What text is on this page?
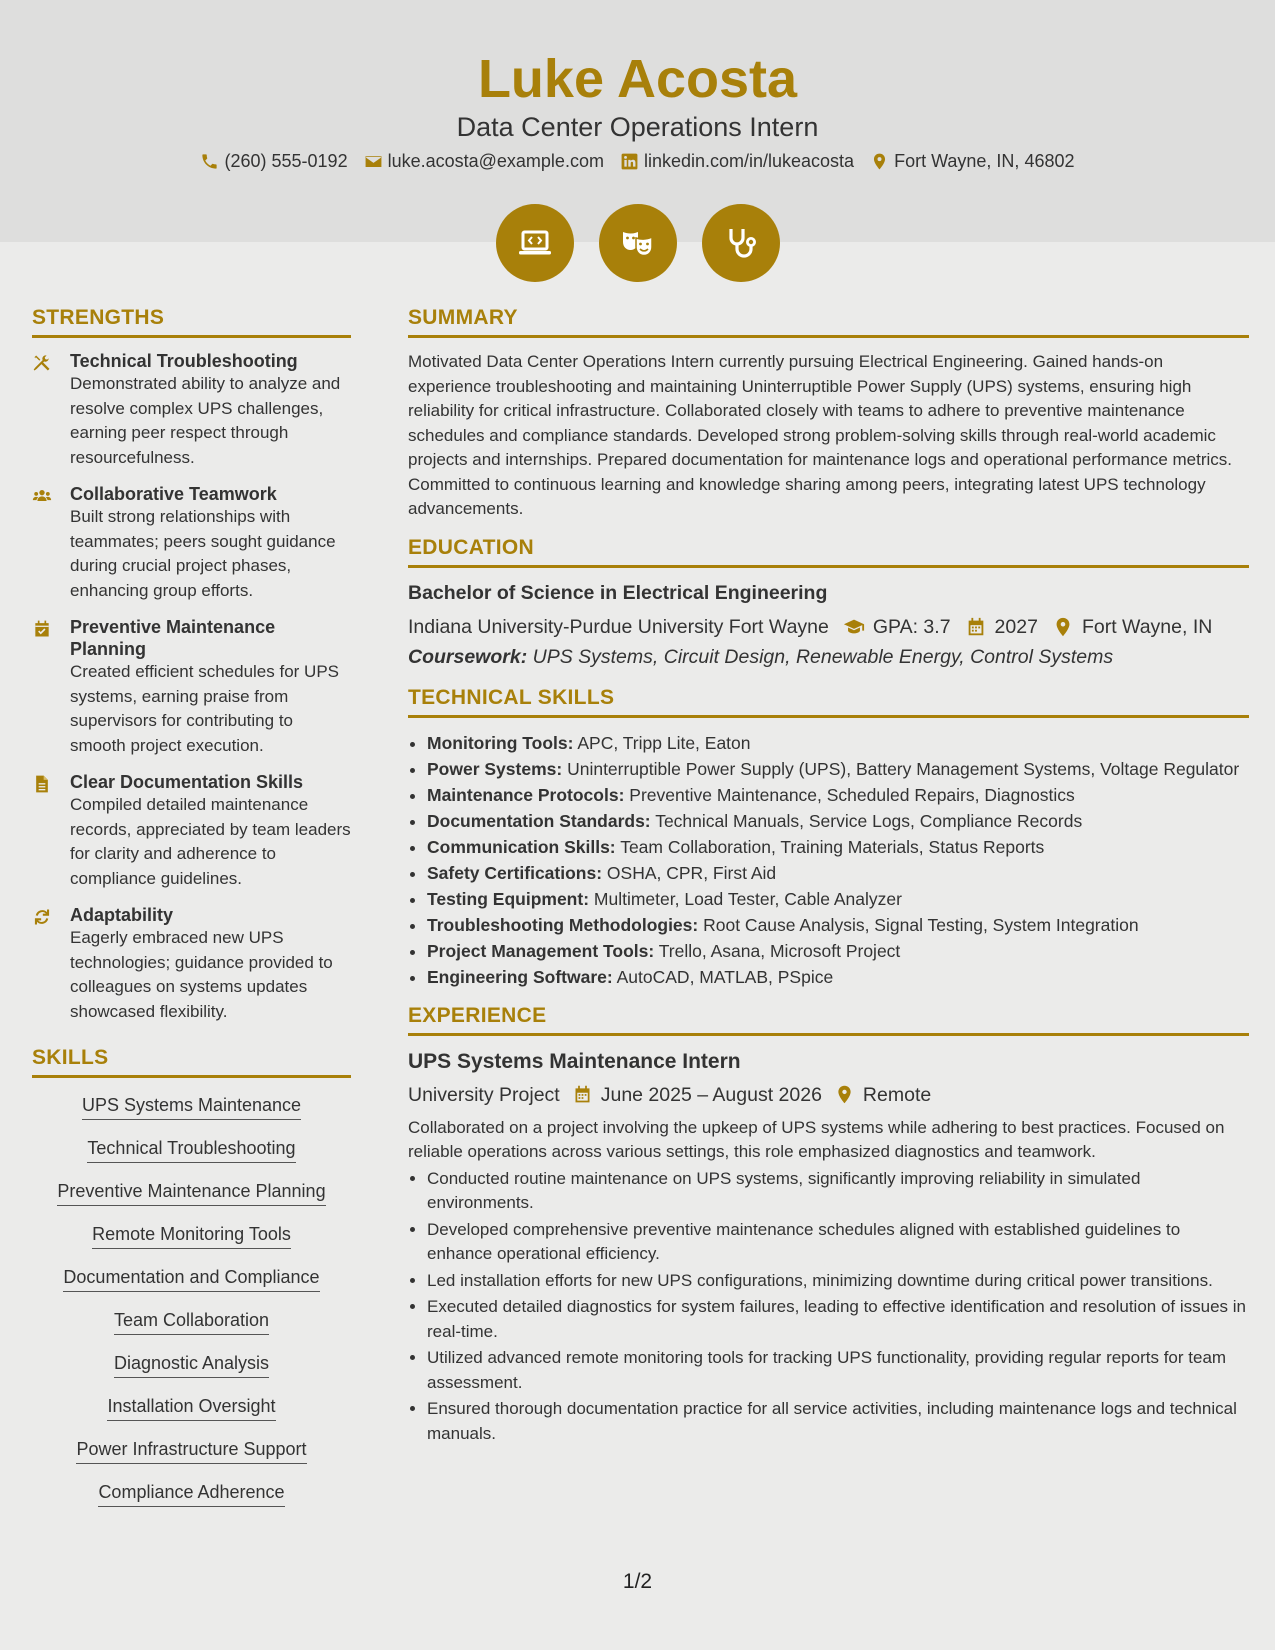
Luke Acosta
Data Center Operations Intern
(260) 555-0192 luke.acosta@example.com linkedin.com/in/lukeacosta Fort Wayne, IN, 46802
STRENGTHS
Technical Troubleshooting
Demonstrated ability to analyze and resolve complex UPS challenges, earning peer respect through resourcefulness.
Collaborative Teamwork
Built strong relationships with teammates; peers sought guidance during crucial project phases, enhancing group efforts.
Preventive Maintenance Planning
Created efficient schedules for UPS systems, earning praise from supervisors for contributing to smooth project execution.
Clear Documentation Skills
Compiled detailed maintenance records, appreciated by team leaders for clarity and adherence to compliance guidelines.
Adaptability
Eagerly embraced new UPS technologies; guidance provided to colleagues on systems updates showcased flexibility.
SKILLS
UPS Systems Maintenance
Technical Troubleshooting
Preventive Maintenance Planning
Remote Monitoring Tools
Documentation and Compliance
Team Collaboration
Diagnostic Analysis
Installation Oversight
Power Infrastructure Support
Compliance Adherence
SUMMARY

Motivated Data Center Operations Intern currently pursuing Electrical Engineering. Gained hands-on experience troubleshooting and maintaining Uninterruptible Power Supply (UPS) systems, ensuring high reliability for critical infrastructure. Collaborated closely with teams to adhere to preventive maintenance schedules and compliance standards. Developed strong problem-solving skills through real-world academic projects and internships. Prepared documentation for maintenance logs and operational performance metrics. Committed to continuous learning and knowledge sharing among peers, integrating latest UPS technology advancements.

EDUCATION
Bachelor of Science in Electrical Engineering
Indiana University-Purdue University Fort Wayne GPA: 3.7 2027 Fort Wayne, IN
Coursework: UPS Systems, Circuit Design, Renewable Energy, Control Systems
TECHNICAL SKILLS
• Monitoring Tools: APC, Tripp Lite, Eaton
• Power Systems: Uninterruptible Power Supply (UPS), Battery Management Systems, Voltage Regulator
• Maintenance Protocols: Preventive Maintenance, Scheduled Repairs, Diagnostics
• Documentation Standards: Technical Manuals, Service Logs, Compliance Records
• Communication Skills: Team Collaboration, Training Materials, Status Reports
• Safety Certifications: OSHA, CPR, First Aid
• Testing Equipment: Multimeter, Load Tester, Cable Analyzer
• Troubleshooting Methodologies: Root Cause Analysis, Signal Testing, System Integration
• Project Management Tools: Trello, Asana, Microsoft Project
• Engineering Software: AutoCAD, MATLAB, PSpice
EXPERIENCE
UPS Systems Maintenance Intern
University Project June 2025 – August 2026 Remote

Collaborated on a project involving the upkeep of UPS systems while adhering to best practices. Focused on reliable operations across various settings, this role emphasized diagnostics and teamwork.

• Conducted routine maintenance on UPS systems, significantly improving reliability in simulated environments.
• Developed comprehensive preventive maintenance schedules aligned with established guidelines to enhance operational efficiency.
• Led installation efforts for new UPS configurations, minimizing downtime during critical power transitions.
• Executed detailed diagnostics for system failures, leading to effective identification and resolution of issues in real-time.
• Utilized advanced remote monitoring tools for tracking UPS functionality, providing regular reports for team assessment.
• Ensured thorough documentation practice for all service activities, including maintenance logs and technical manuals.
1/2
